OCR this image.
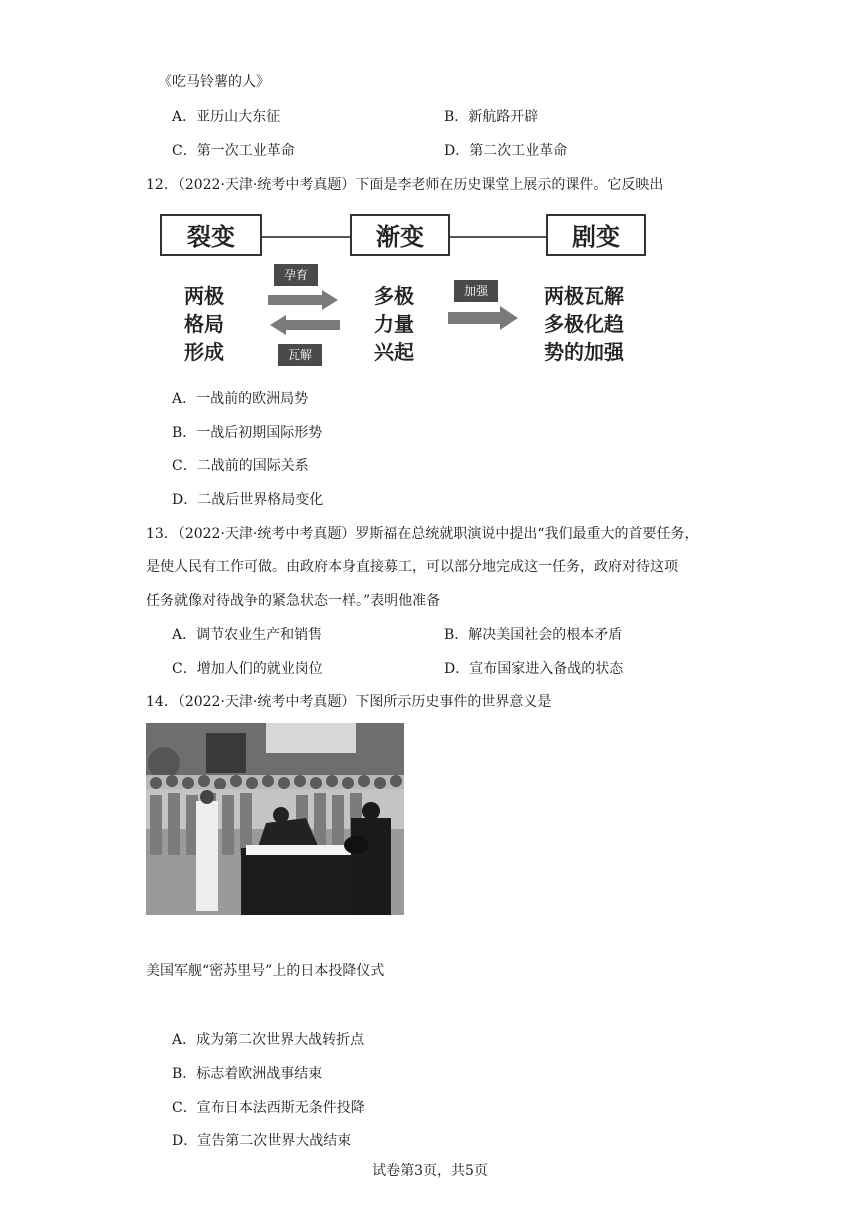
《吃马铃薯的人》
A．亚历山大东征	B．新航路开辟
C．第一次工业革命	D．第二次工业革命
12．（2022·天津·统考中考真题）下面是李老师在历史课堂上展示的课件。它反映出
裂变	渐变	剧变
两极
格局
形成
多极
力量
兴起
两极瓦解
多极化趋
势的加强
孕育
瓦解
加强
A．一战前的欧洲局势
B．一战后初期国际形势
C．二战前的国际关系
D．二战后世界格局变化
13．（2022·天津·统考中考真题）罗斯福在总统就职演说中提出“我们最重大的首要任务，
是使人民有工作可做。由政府本身直接募工，可以部分地完成这一任务，政府对待这项
任务就像对待战争的紧急状态一样。”表明他准备
A．调节农业生产和销售	B．解决美国社会的根本矛盾
C．增加人们的就业岗位	D．宣布国家进入备战的状态
14．（2022·天津·统考中考真题）下图所示历史事件的世界意义是
美国军舰“密苏里号”上的日本投降仪式
A．成为第二次世界大战转折点
B．标志着欧洲战事结束
C．宣布日本法西斯无条件投降
D．宣告第二次世界大战结束
试卷第3页，共5页
